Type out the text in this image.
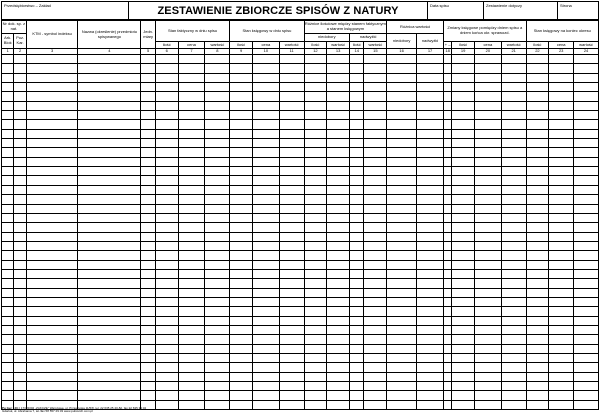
Przedsiębiorstwo – Zakład	ZESTAWIENIE ZBIORCZE SPISÓW Z NATURY	Data spisu	Zestawienie dotyczy	Strona
Nr dok. sp. z nat.		KTM - symbol indeksu	Nazwa (określenie) przedmiotu spisywanego	Jedn. miary	Stan faktyczny w dniu spisu			Stan księgowy w dniu spisu			Różnice ilościowe między stanem faktycznym a stanem księgowym				Różnica wartości		Zmiany księgowe pomiędzy dniem spisu a dniem końca okr. sprawozd.				Stan księgowy na koniec okresu		
Ark. Blok	Poz. Kar.										niedobory		nadwyżki		niedobory	nadwyżki							
					ilość	cena	wartość	ilość	cena	wartość	ilość	wartość	ilość	wartość			+ –	ilość	cena	wartość	ilość	cena	wartość
1	2	3	4	5	6	7	8	9	10	11	12	13	14	15	16	17	18	19	20	21	22	23	24

Pu Ger 143 z 17/3/2002 „ZAKCZE” Warszawa, ul. Przasnyska 11/5/8, tel. 22 635 25 40-82, fax 22 635 33 04
Gdańsk, ul. Abrahama 7, tel./fax 58 557 29 03 www.pubcutch.com.pl
